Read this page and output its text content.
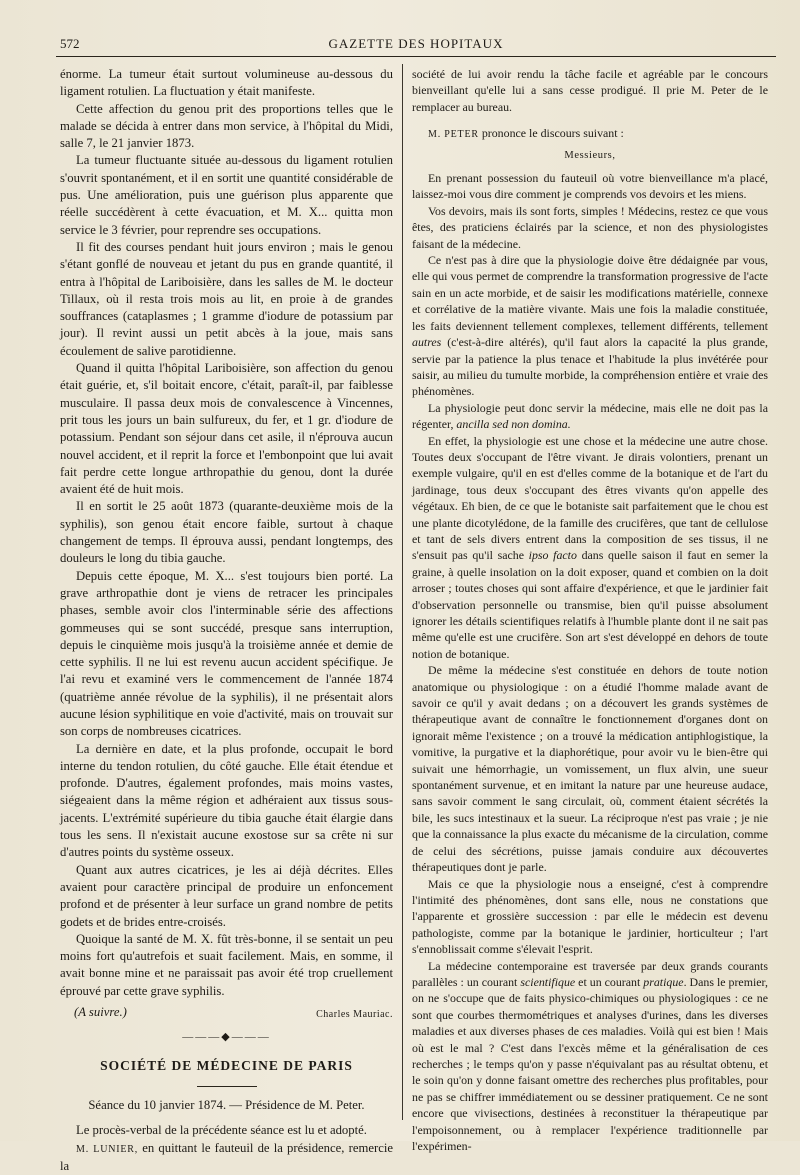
572	GAZETTE DES HOPITAUX

énorme. La tumeur était surtout volumineuse au-dessous du ligament rotulien. La fluctuation y était manifeste.

Cette affection du genou prit des proportions telles que le malade se décida à entrer dans mon service, à l'hôpital du Midi, salle 7, le 21 janvier 1873.

La tumeur fluctuante située au-dessous du ligament rotulien s'ouvrit spontanément, et il en sortit une quantité considérable de pus. Une amélioration, puis une guérison plus apparente que réelle succédèrent à cette évacuation, et M. X... quitta mon service le 3 février, pour reprendre ses occupations.

Il fit des courses pendant huit jours environ ; mais le genou s'étant gonflé de nouveau et jetant du pus en grande quantité, il entra à l'hôpital de Lariboisière, dans les salles de M. le docteur Tillaux, où il resta trois mois au lit, en proie à de grandes souffrances (cataplasmes ; 1 gramme d'iodure de potassium par jour). Il revint aussi un petit abcès à la joue, mais sans écoulement de salive parotidienne.

Quand il quitta l'hôpital Lariboisière, son affection du genou était guérie, et, s'il boitait encore, c'était, paraît-il, par faiblesse musculaire. Il passa deux mois de convalescence à Vincennes, prit tous les jours un bain sulfureux, du fer, et 1 gr. d'iodure de potassium. Pendant son séjour dans cet asile, il n'éprouva aucun nouvel accident, et il reprit la force et l'embonpoint que lui avait fait perdre cette longue arthropathie du genou, dont la durée avaient été de huit mois.

Il en sortit le 25 août 1873 (quarante-deuxième mois de la syphilis), son genou était encore faible, surtout à chaque changement de temps. Il éprouva aussi, pendant longtemps, des douleurs le long du tibia gauche.

Depuis cette époque, M. X... s'est toujours bien porté. La grave arthropathie dont je viens de retracer les principales phases, semble avoir clos l'interminable série des affections gommeuses qui se sont succédé, presque sans interruption, depuis le cinquième mois jusqu'à la troisième année et demie de cette syphilis. Il ne lui est revenu aucun accident spécifique. Je l'ai revu et examiné vers le commencement de l'année 1874 (quatrième année révolue de la syphilis), il ne présentait alors aucune lésion syphilitique en voie d'activité, mais on trouvait sur son corps de nombreuses cicatrices.

La dernière en date, et la plus profonde, occupait le bord interne du tendon rotulien, du côté gauche. Elle était étendue et profonde. D'autres, également profondes, mais moins vastes, siégeaient dans la même région et adhéraient aux tissus sous-jacents. L'extrémité supérieure du tibia gauche était élargie dans tous les sens. Il n'existait aucune exostose sur sa crête ni sur d'autres points du système osseux.

Quant aux autres cicatrices, je les ai déjà décrites. Elles avaient pour caractère principal de produire un enfoncement profond et de présenter à leur surface un grand nombre de petits godets et de brides entre-croisés.

Quoique la santé de M. X. fût très-bonne, il se sentait un peu moins fort qu'autrefois et suait facilement. Mais, en somme, il avait bonne mine et ne paraissait pas avoir été trop cruellement éprouvé par cette grave syphilis.

(A suivre.)	Charles Mauriac.
———◆———
SOCIÉTÉ DE MÉDECINE DE PARIS

Séance du 10 janvier 1874. — Présidence de M. Peter.

Le procès-verbal de la précédente séance est lu et adopté.

M. LUNIER, en quittant le fauteuil de la présidence, remercie la

société de lui avoir rendu la tâche facile et agréable par le concours bienveillant qu'elle lui a sans cesse prodigué. Il prie M. Peter de le remplacer au bureau.

M. PETER prononce le discours suivant :

Messieurs,

En prenant possession du fauteuil où votre bienveillance m'a placé, laissez-moi vous dire comment je comprends vos devoirs et les miens.

Vos devoirs, mais ils sont forts, simples ! Médecins, restez ce que vous êtes, des praticiens éclairés par la science, et non des physiologistes faisant de la médecine.

Ce n'est pas à dire que la physiologie doive être dédaignée par vous, elle qui vous permet de comprendre la transformation progressive de l'acte sain en un acte morbide, et de saisir les modifications matérielle, connexe et corrélative de la matière vivante. Mais une fois la maladie constituée, les faits deviennent tellement complexes, tellement différents, tellement autres (c'est-à-dire altérés), qu'il faut alors la capacité la plus grande, servie par la patience la plus tenace et l'habitude la plus invétérée pour saisir, au milieu du tumulte morbide, la compréhension entière et vraie des phénomènes.

La physiologie peut donc servir la médecine, mais elle ne doit pas la régenter, ancilla sed non domina.

En effet, la physiologie est une chose et la médecine une autre chose. Toutes deux s'occupant de l'être vivant. Je dirais volontiers, prenant un exemple vulgaire, qu'il en est d'elles comme de la botanique et de l'art du jardinage, tous deux s'occupant des êtres vivants qu'on appelle des végétaux. Eh bien, de ce que le botaniste sait parfaitement que le chou est une plante dicotylédone, de la famille des crucifères, que tant de cellulose et tant de sels divers entrent dans la composition de ses tissus, il ne s'ensuit pas qu'il sache ipso facto dans quelle saison il faut en semer la graine, à quelle insolation on la doit exposer, quand et combien on la doit arroser ; toutes choses qui sont affaire d'expérience, et que le jardinier fait d'observation personnelle ou transmise, bien qu'il puisse absolument ignorer les détails scientifiques relatifs à l'humble plante dont il ne sait pas même qu'elle est une crucifère. Son art s'est développé en dehors de toute notion de botanique.

De même la médecine s'est constituée en dehors de toute notion anatomique ou physiologique : on a étudié l'homme malade avant de savoir ce qu'il y avait dedans ; on a découvert les grands systèmes de thérapeutique avant de connaître le fonctionnement d'organes dont on ignorait même l'existence ; on a trouvé la médication antiphlogistique, la vomitive, la purgative et la diaphorétique, pour avoir vu le bien-être qui suivait une hémorrhagie, un vomissement, un flux alvin, une sueur spontanément survenue, et en imitant la nature par une heureuse audace, sans savoir comment le sang circulait, où, comment étaient sécrétés la bile, les sucs intestinaux et la sueur. La réciproque n'est pas vraie ; je nie que la connaissance la plus exacte du mécanisme de la circulation, comme de celui des sécrétions, puisse jamais conduire aux découvertes thérapeutiques dont je parle.

Mais ce que la physiologie nous a enseigné, c'est à comprendre l'intimité des phénomènes, dont sans elle, nous ne constations que l'apparente et grossière succession : par elle le médecin est devenu pathologiste, comme par la botanique le jardinier, horticulteur ; l'art s'ennoblissait comme s'élevait l'esprit.

La médecine contemporaine est traversée par deux grands courants parallèles : un courant scientifique et un courant pratique. Dans le premier, on ne s'occupe que de faits physico-chimiques ou physiologiques : ce ne sont que courbes thermométriques et analyses d'urines, dans les diverses maladies et aux diverses phases de ces maladies. Voilà qui est bien ! Mais où est le mal ? C'est dans l'excès même et la généralisation de ces recherches ; le temps qu'on y passe n'équivalant pas au résultat obtenu, et le soin qu'on y donne faisant omettre des recherches plus profitables, pour ne pas se chiffrer immédiatement ou se dessiner pratiquement. Ce ne sont encore que vivisections, destinées à reconstituer la thérapeutique par l'empoisonnement, ou à remplacer l'expérience traditionnelle par l'expérimen-
